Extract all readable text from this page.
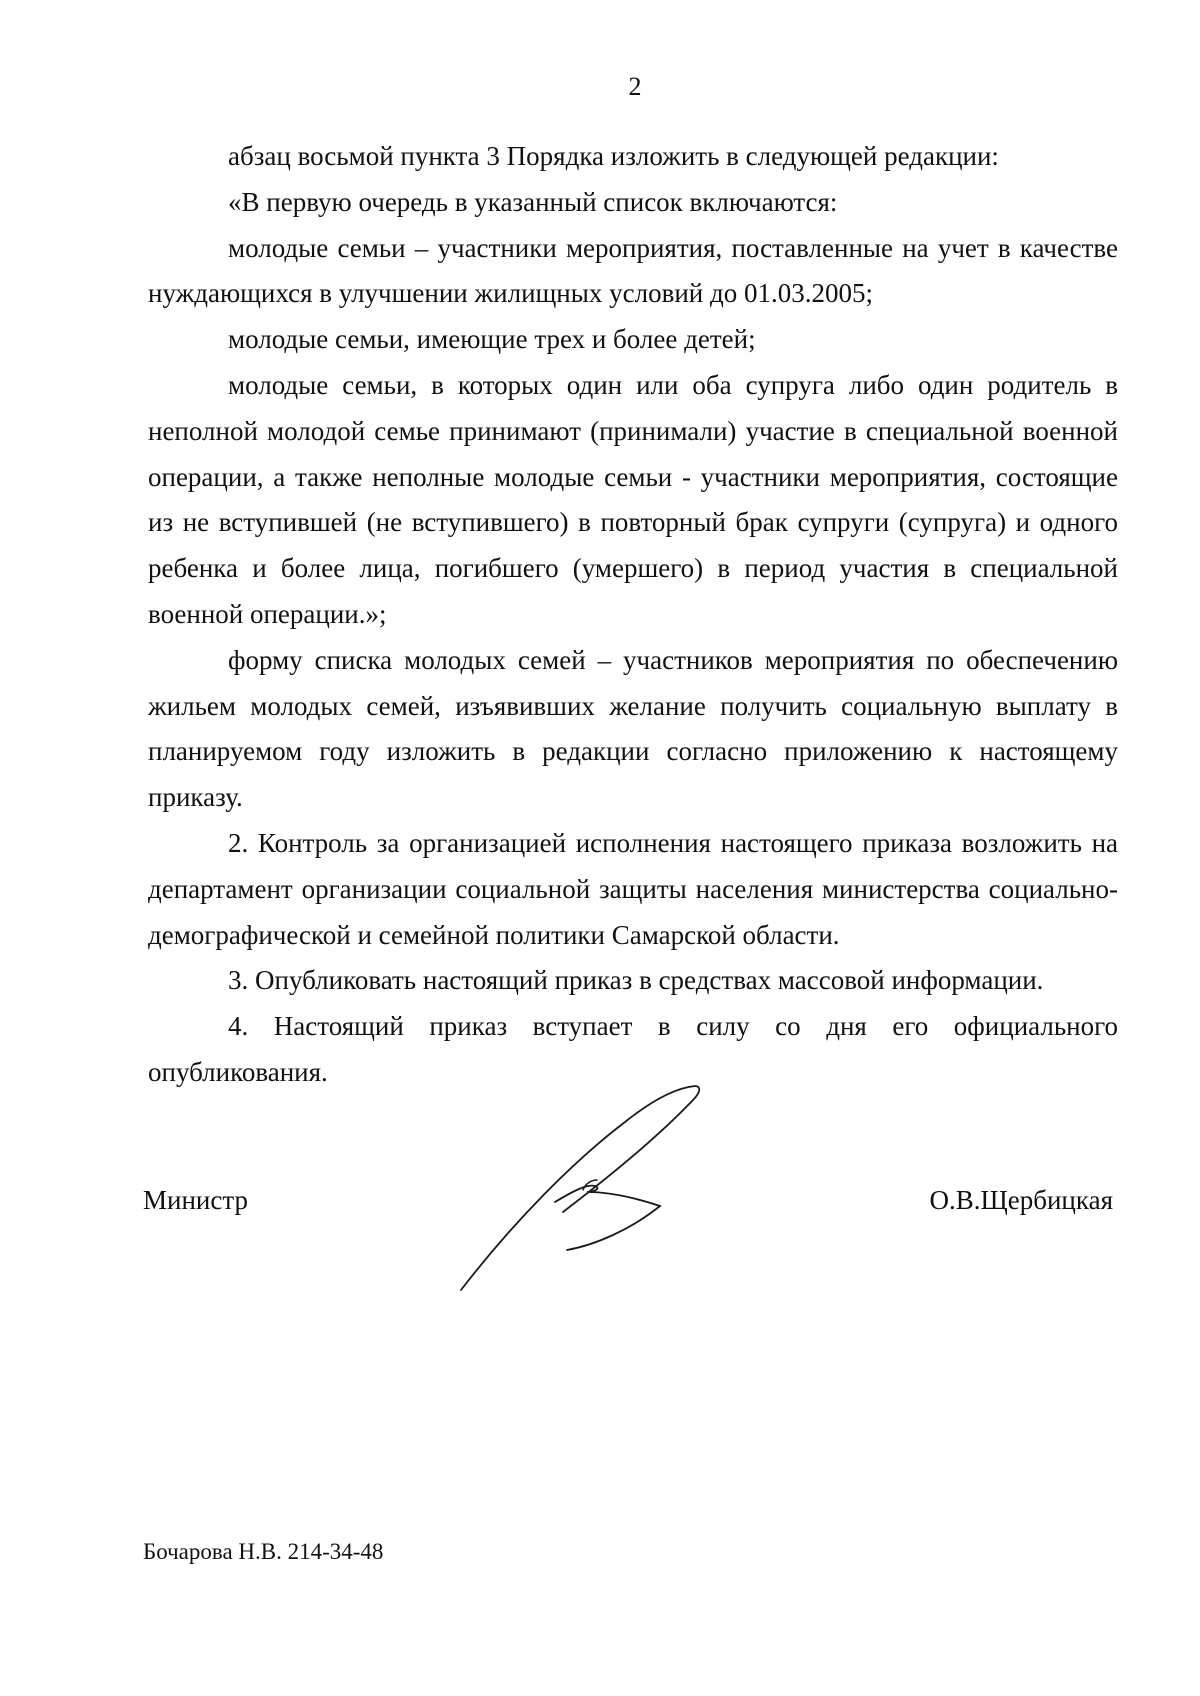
2

абзац восьмой пункта 3 Порядка изложить в следующей редакции:

«В первую очередь в указанный список включаются:

молодые семьи – участники мероприятия, поставленные на учет в качестве нуждающихся в улучшении жилищных условий до 01.03.2005;

молодые семьи, имеющие трех и более детей;

молодые семьи, в которых один или оба супруга либо один родитель в неполной молодой семье принимают (принимали) участие в специальной военной операции, а также неполные молодые семьи - участники мероприятия, состоящие из не вступившей (не вступившего) в повторный брак супруги (супруга) и одного ребенка и более лица, погибшего (умершего) в период участия в специальной военной операции.»;

форму списка молодых семей – участников мероприятия по обеспечению жильем молодых семей, изъявивших желание получить социальную выплату в планируемом году изложить в редакции согласно приложению к настоящему приказу.

2. Контроль за организацией исполнения настоящего приказа возложить на департамент организации социальной защиты населения министерства социально-демографической и семейной политики Самарской области.

3. Опубликовать настоящий приказ в средствах массовой информации.

4. Настоящий приказ вступает в силу со дня его официального опубликования.

Министр	О.В.Щербицкая
Бочарова Н.В. 214-34-48
